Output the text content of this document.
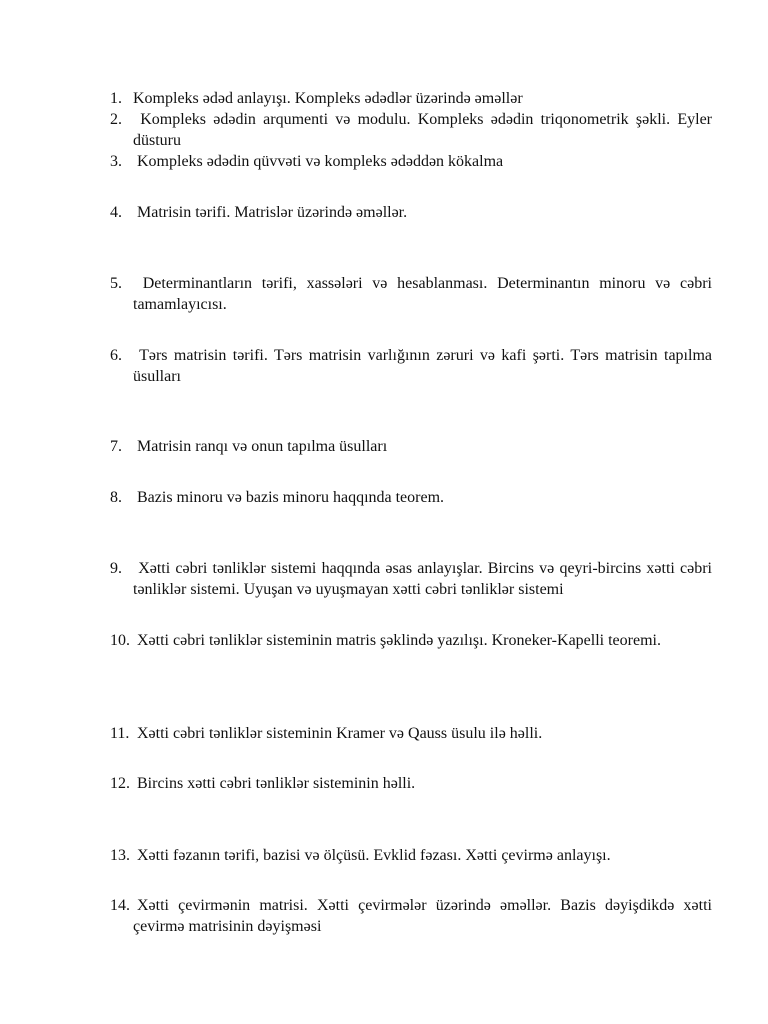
1. Kompleks ədəd anlayışı. Kompleks ədədlər üzərində əməllər
2. Kompleks ədədin arqumenti və modulu. Kompleks ədədin triqonometrik şəkli. Eyler düsturu
3. Kompleks ədədin qüvvəti və kompleks ədəddən kökalma
4. Matrisin tərifi. Matrislər üzərində əməllər.
5. Determinantların tərifi, xassələri və hesablanması. Determinantın minoru və cəbri tamamlayıcısı.
6. Tərs matrisin tərifi. Tərs matrisin varlığının zəruri və kafi şərti. Tərs matrisin tapılma üsulları
7. Matrisin ranqı və onun tapılma üsulları
8. Bazis minoru və bazis minoru haqqında teorem.
9. Xətti cəbri tənliklər sistemi haqqında əsas anlayışlar. Bircins və qeyri-bircins xətti cəbri tənliklər sistemi. Uyuşan və uyuşmayan xətti cəbri tənliklər sistemi
10. Xətti cəbri tənliklər sisteminin matris şəklində yazılışı. Kroneker-Kapelli teoremi.
11. Xətti cəbri tənliklər sisteminin Kramer və Qauss üsulu ilə həlli.
12. Bircins xətti cəbri tənliklər sisteminin həlli.
13. Xətti fəzanın tərifi, bazisi və ölçüsü. Evklid fəzası. Xətti çevirmə anlayışı.
14. Xətti çevirmənin matrisi. Xətti çevirmələr üzərində əməllər. Bazis dəyişdikdə xətti çevirmə matrisinin dəyişməsi
